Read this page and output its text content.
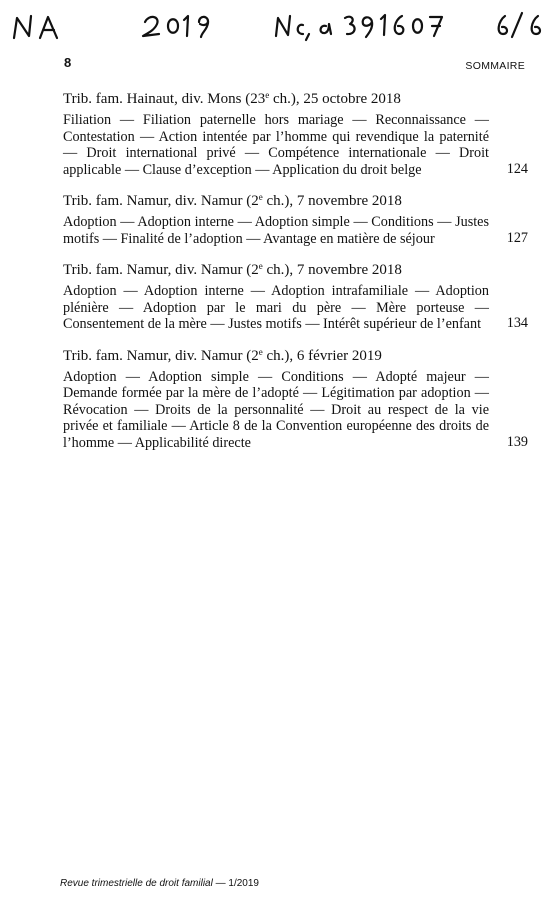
8	SOMMAIRE
Trib. fam. Hainaut, div. Mons (23e ch.), 25 octobre 2018
Filiation — Filiation paternelle hors mariage — Reconnaissance — Contestation — Action intentée par l’homme qui revendique la paternité — Droit international privé — Compétence internationale — Droit applicable — Clause d’exception — Application du droit belge	124
Trib. fam. Namur, div. Namur (2e ch.), 7 novembre 2018
Adoption — Adoption interne — Adoption simple — Conditions — Justes motifs — Finalité de l’adoption — Avantage en matière de séjour	127
Trib. fam. Namur, div. Namur (2e ch.), 7 novembre 2018
Adoption — Adoption interne — Adoption intrafamiliale — Adoption plénière — Adoption par le mari du père — Mère porteuse — Consentement de la mère — Justes motifs — Intérêt supérieur de l’enfant	134
Trib. fam. Namur, div. Namur (2e ch.), 6 février 2019
Adoption — Adoption simple — Conditions — Adopté majeur — Demande formée par la mère de l’adopté — Légitimation par adoption — Révocation — Droits de la personnalité — Droit au respect de la vie privée et familiale — Article 8 de la Convention européenne des droits de l’homme — Applicabilité directe	139
Revue trimestrielle de droit familial — 1/2019
